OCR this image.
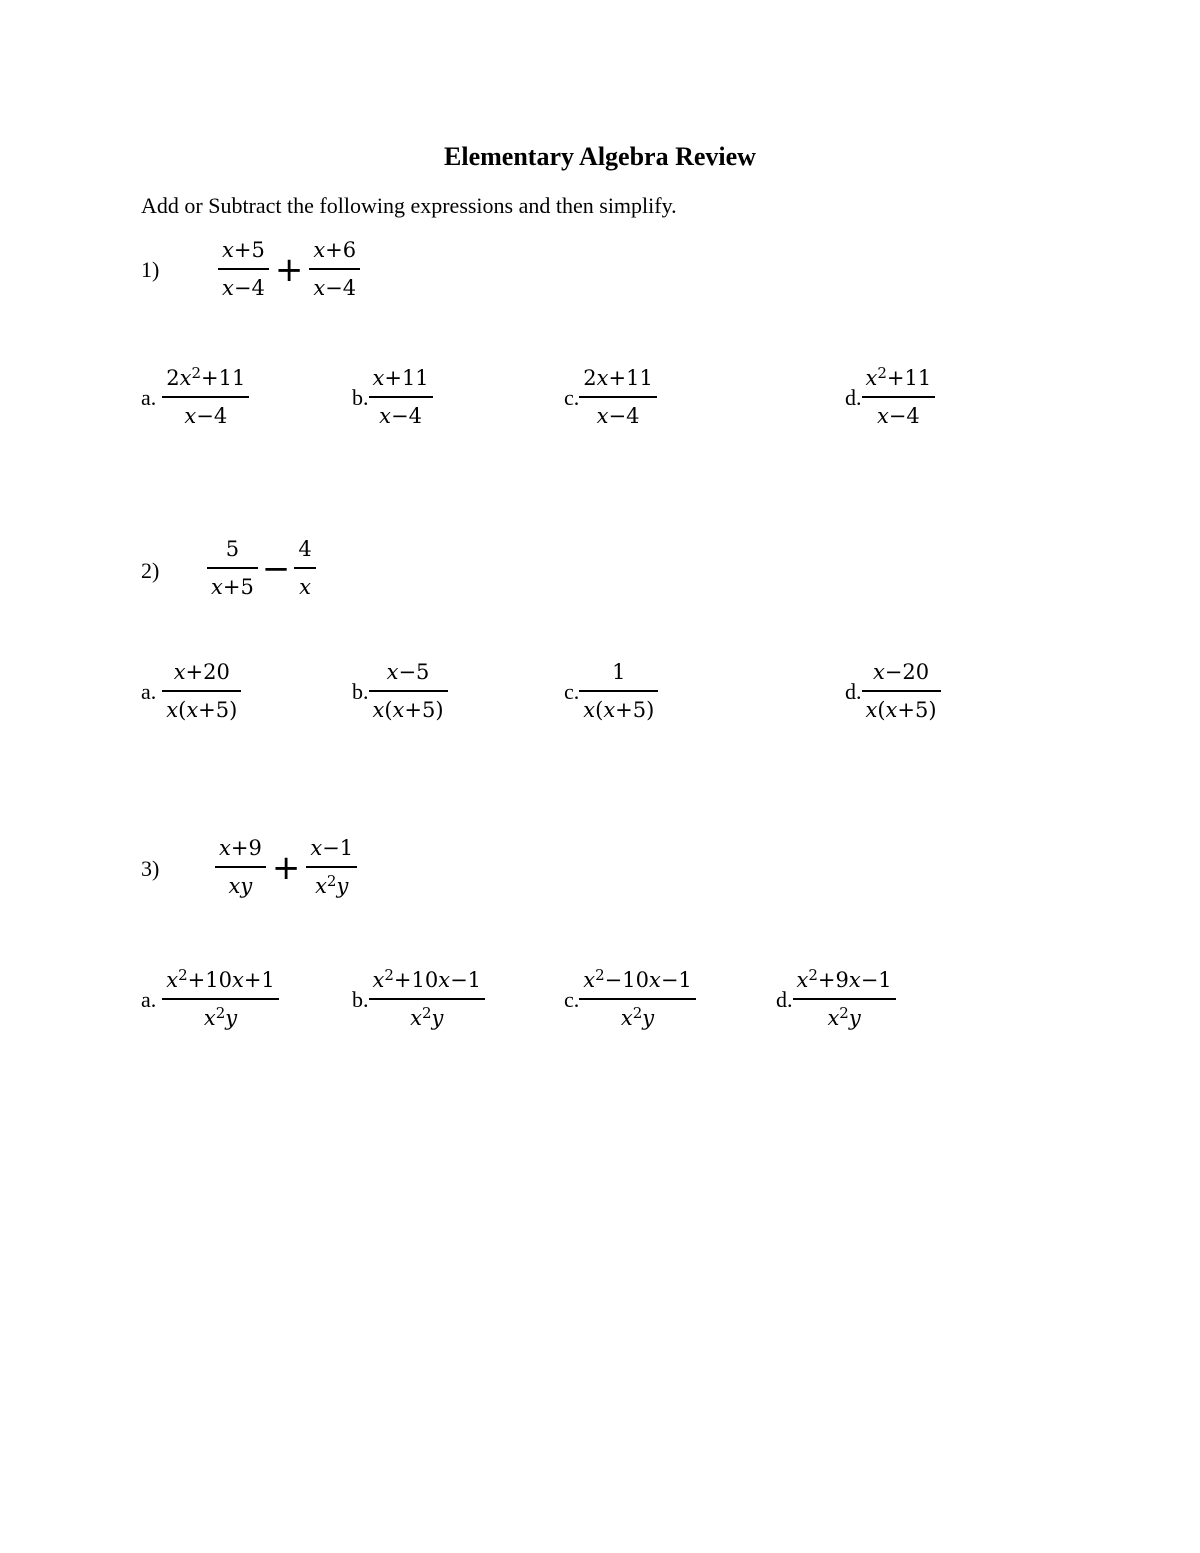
Elementary Algebra Review
Add or Subtract the following expressions and then simplify.
1)	$\frac{x+5}{x-4} + \frac{x+6}{x-4}$
a. $\frac{2x^2+11}{x-4}$	b. $\frac{x+11}{x-4}$	c. $\frac{2x+11}{x-4}$	d. $\frac{x^2+11}{x-4}$
$2) \frac{5}{x+5} - \frac{4}{x}$
a. $\frac{x+20}{x(x+5)}$	b. $\frac{x-5}{x(x+5)}$	c. $\frac{1}{x(x+5)}$	d. $\frac{x-20}{x(x+5)}$
3)	$\frac{x+9}{xy} + \frac{x-1}{x^2y}$
a. $\frac{x^2+10x+1}{x^2y}$	b. $\frac{x^2+10x-1}{x^2y}$	c. $\frac{x^2-10x-1}{x^2y}$	d. $\frac{x^2+9x-1}{x^2y}$
